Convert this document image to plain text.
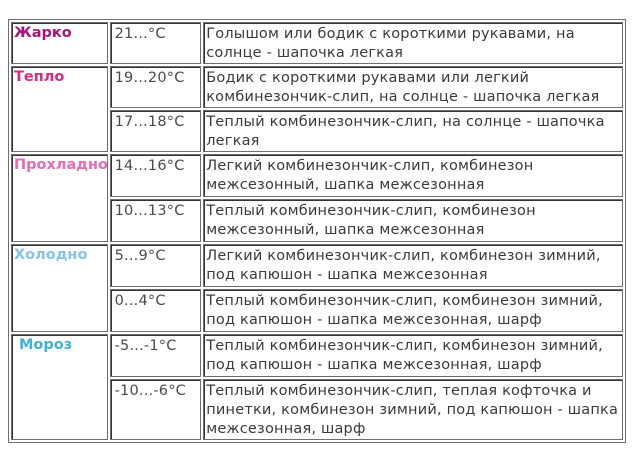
Жарко	21...°C	Голышом или бодик с короткими рукавами, на солнце - шапочка легкая
Тепло	19...20°C	Бодик с короткими рукавами или легкий комбинезончик-слип, на солнце - шапочка легкая
	17...18°C	Теплый комбинезончик-слип, на солнце - шапочка легкая
Прохладно	14...16°C	Легкий комбинезончик-слип, комбинезон межсезонный, шапка межсезонная
	10...13°C	Теплый комбинезончик-слип, комбинезон межсезонный, шапка межсезонная
Холодно	5...9°C	Легкий комбинезончик-слип, комбинезон зимний, под капюшон - шапка межсезонная
	0...4°C	Теплый комбинезончик-слип, комбинезон зимний, под капюшон - шапка межсезонная, шарф
Мороз	-5...-1°C	Теплый комбинезончик-слип, комбинезон зимний, под капюшон - шапка межсезонная, шарф
	-10...-6°C	Теплый комбинезончик-слип, теплая кофточка и пинетки, комбинезон зимний, под капюшон - шапка межсезонная, шарф
